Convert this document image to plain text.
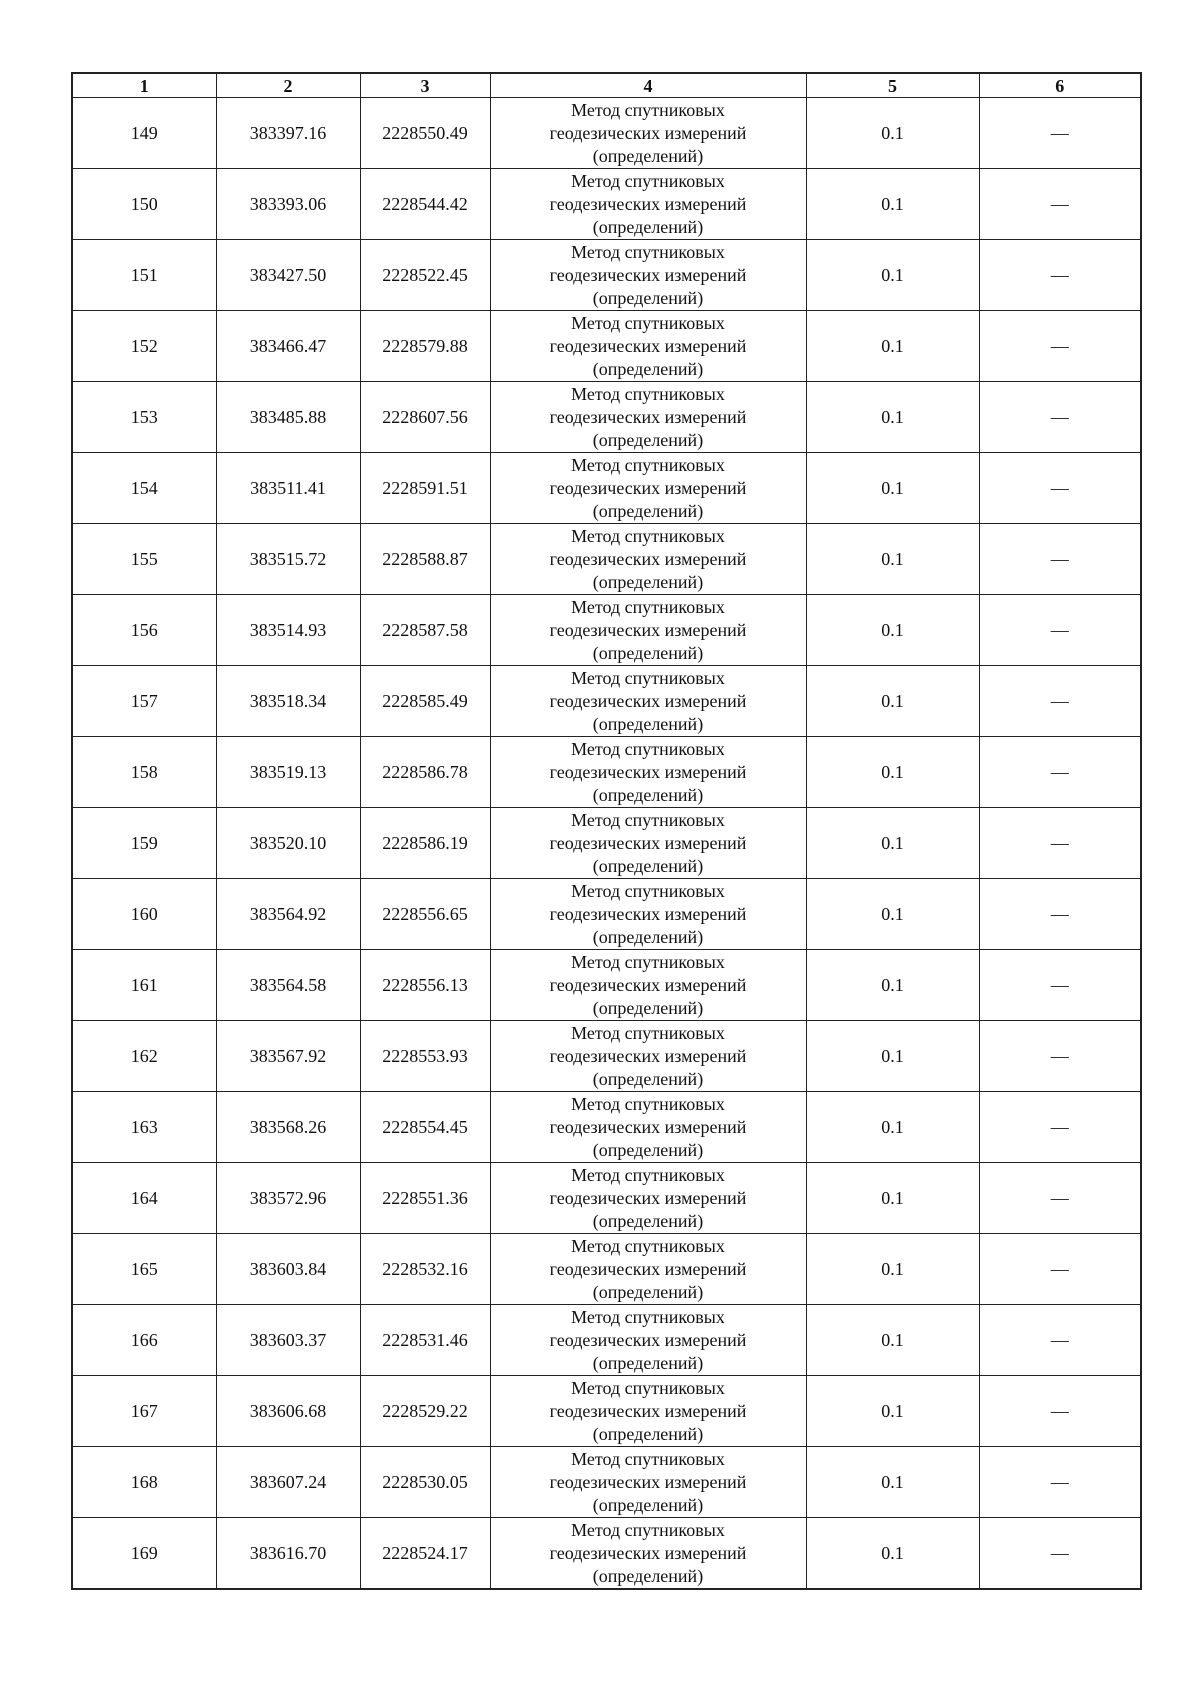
1	2	3	4	5	6
149	383397.16	2228550.49	Метод спутниковых
геодезических измерений
(определений)	0.1	—
150	383393.06	2228544.42	Метод спутниковых
геодезических измерений
(определений)	0.1	—
151	383427.50	2228522.45	Метод спутниковых
геодезических измерений
(определений)	0.1	—
152	383466.47	2228579.88	Метод спутниковых
геодезических измерений
(определений)	0.1	—
153	383485.88	2228607.56	Метод спутниковых
геодезических измерений
(определений)	0.1	—
154	383511.41	2228591.51	Метод спутниковых
геодезических измерений
(определений)	0.1	—
155	383515.72	2228588.87	Метод спутниковых
геодезических измерений
(определений)	0.1	—
156	383514.93	2228587.58	Метод спутниковых
геодезических измерений
(определений)	0.1	—
157	383518.34	2228585.49	Метод спутниковых
геодезических измерений
(определений)	0.1	—
158	383519.13	2228586.78	Метод спутниковых
геодезических измерений
(определений)	0.1	—
159	383520.10	2228586.19	Метод спутниковых
геодезических измерений
(определений)	0.1	—
160	383564.92	2228556.65	Метод спутниковых
геодезических измерений
(определений)	0.1	—
161	383564.58	2228556.13	Метод спутниковых
геодезических измерений
(определений)	0.1	—
162	383567.92	2228553.93	Метод спутниковых
геодезических измерений
(определений)	0.1	—
163	383568.26	2228554.45	Метод спутниковых
геодезических измерений
(определений)	0.1	—
164	383572.96	2228551.36	Метод спутниковых
геодезических измерений
(определений)	0.1	—
165	383603.84	2228532.16	Метод спутниковых
геодезических измерений
(определений)	0.1	—
166	383603.37	2228531.46	Метод спутниковых
геодезических измерений
(определений)	0.1	—
167	383606.68	2228529.22	Метод спутниковых
геодезических измерений
(определений)	0.1	—
168	383607.24	2228530.05	Метод спутниковых
геодезических измерений
(определений)	0.1	—
169	383616.70	2228524.17	Метод спутниковых
геодезических измерений
(определений)	0.1	—
